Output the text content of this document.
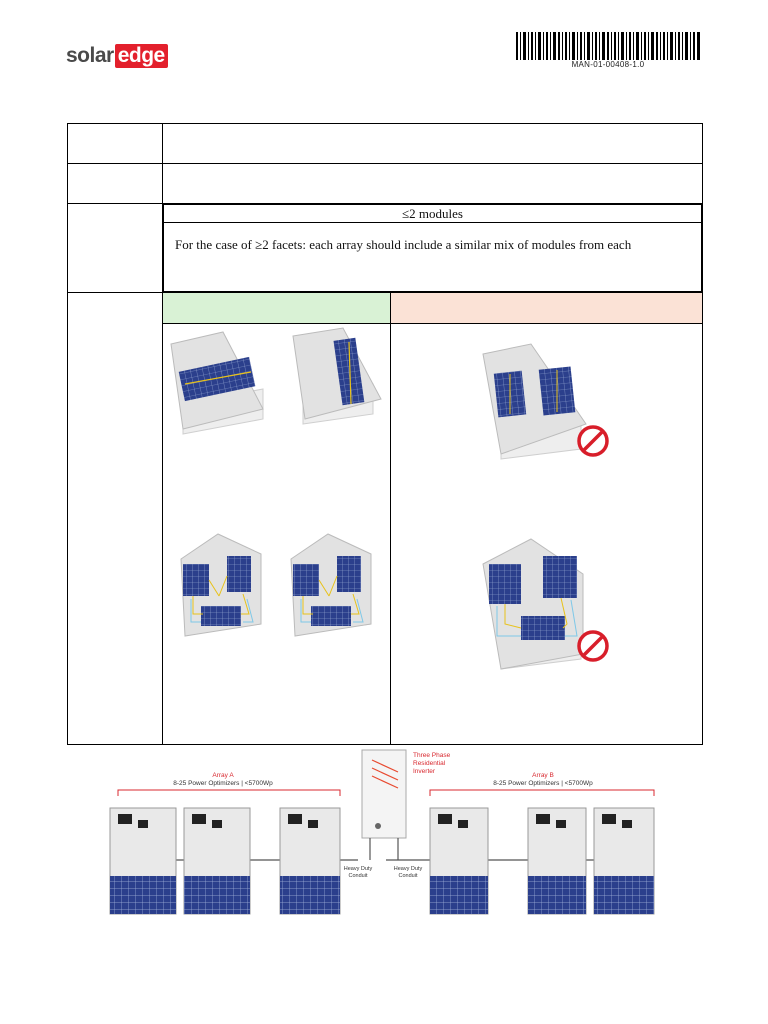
solar edge	MAN-01-00408-1.0

≤2 modules
For the case of ≥2 facets: each array should include a similar mix of modules from each

Three Phase Residential Inverter
Array A
8-25 Power Optimizers | <5700Wp
Array B
8-25 Power Optimizers | <5700Wp
Heavy Duty Conduit
Heavy Duty Conduit
